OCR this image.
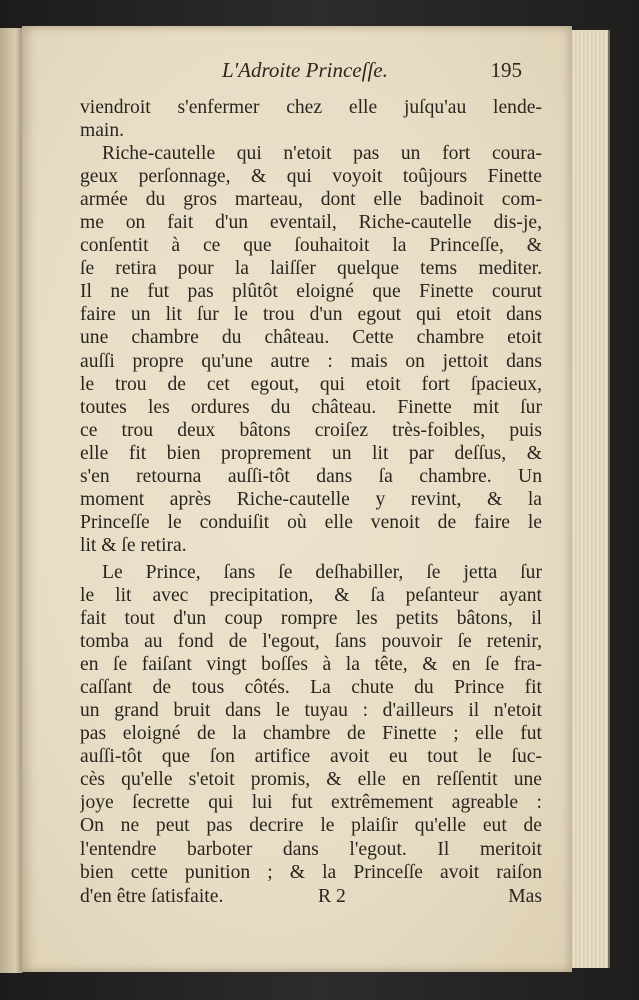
L'Adroite Princeſſe.	195
viendroit s'enfermer chez elle juſqu'au lende-
main.
Riche-cautelle qui n'etoit pas un fort coura-
geux perſonnage, & qui voyoit toûjours Finette
armée du gros marteau, dont elle badinoit com-
me on fait d'un eventail, Riche-cautelle dis-je,
conſentit à ce que ſouhaitoit la Princeſſe, &
ſe retira pour la laiſſer quelque tems mediter.
Il ne fut pas plûtôt eloigné que Finette courut
faire un lit ſur le trou d'un egout qui etoit dans
une chambre du château. Cette chambre etoit
auſſi propre qu'une autre : mais on jettoit dans
le trou de cet egout, qui etoit fort ſpacieux,
toutes les ordures du château. Finette mit ſur
ce trou deux bâtons croiſez très-foibles, puis
elle fit bien proprement un lit par deſſus, &
s'en retourna auſſi-tôt dans ſa chambre. Un
moment après Riche-cautelle y revint, & la
Princeſſe le conduiſit où elle venoit de faire le
lit & ſe retira.
Le Prince, ſans ſe deſhabiller, ſe jetta ſur
le lit avec precipitation, & ſa peſanteur ayant
fait tout d'un coup rompre les petits bâtons, il
tomba au fond de l'egout, ſans pouvoir ſe retenir,
en ſe faiſant vingt boſſes à la tête, & en ſe fra-
caſſant de tous côtés. La chute du Prince fit
un grand bruit dans le tuyau : d'ailleurs il n'etoit
pas eloigné de la chambre de Finette ; elle fut
auſſi-tôt que ſon artifice avoit eu tout le ſuc-
cès qu'elle s'etoit promis, & elle en reſſentit une
joye ſecrette qui lui fut extrêmement agreable :
On ne peut pas decrire le plaiſir qu'elle eut de
l'entendre barboter dans l'egout. Il meritoit
bien cette punition ; & la Princeſſe avoit raiſon
d'en être ſatisfaite.	R 2	Mas
